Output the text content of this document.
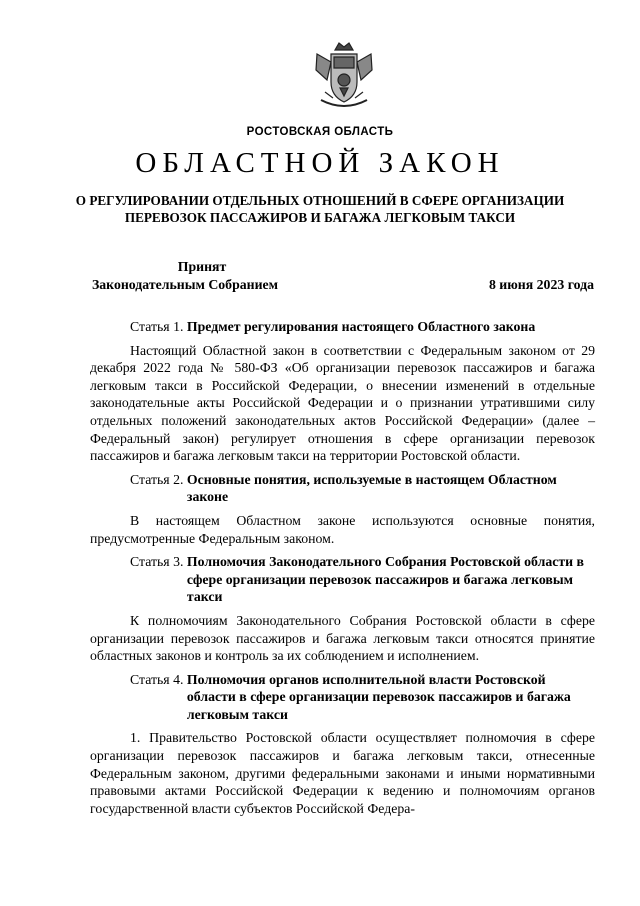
РОСТОВСКАЯ ОБЛАСТЬ
ОБЛАСТНОЙ ЗАКОН
О РЕГУЛИРОВАНИИ ОТДЕЛЬНЫХ ОТНОШЕНИЙ В СФЕРЕ ОРГАНИЗАЦИИ
ПЕРЕВОЗОК ПАССАЖИРОВ И БАГАЖА ЛЕГКОВЫМ ТАКСИ
Принят
Законодательным Собранием	8 июня 2023 года
Статья 1. Предмет регулирования настоящего Областного закона

Настоящий Областной закон в соответствии с Федеральным законом от 29 декабря 2022 года № 580-ФЗ «Об организации перевозок пассажиров и багажа легковым такси в Российской Федерации, о внесении изменений в отдельные законодательные акты Российской Федерации и о признании утратившими силу отдельных положений законодательных актов Российской Федерации» (далее – Федеральный закон) регулирует отношения в сфере организации перевозок пассажиров и багажа легковым такси на территории Ростовской области.

Статья 2. Основные понятия, используемые в настоящем Областном законе

В настоящем Областном законе используются основные понятия, предусмотренные Федеральным законом.

Статья 3. Полномочия Законодательного Собрания Ростовской области в сфере организации перевозок пассажиров и багажа легковым такси

К полномочиям Законодательного Собрания Ростовской области в сфере организации перевозок пассажиров и багажа легковым такси относятся принятие областных законов и контроль за их соблюдением и исполнением.

Статья 4. Полномочия органов исполнительной власти Ростовской области в сфере организации перевозок пассажиров и багажа легковым такси

1. Правительство Ростовской области осуществляет полномочия в сфере организации перевозок пассажиров и багажа легковым такси, отнесенные Федеральным законом, другими федеральными законами и иными нормативными правовыми актами Российской Федерации к ведению и полномочиям органов государственной власти субъектов Российской Федера-
